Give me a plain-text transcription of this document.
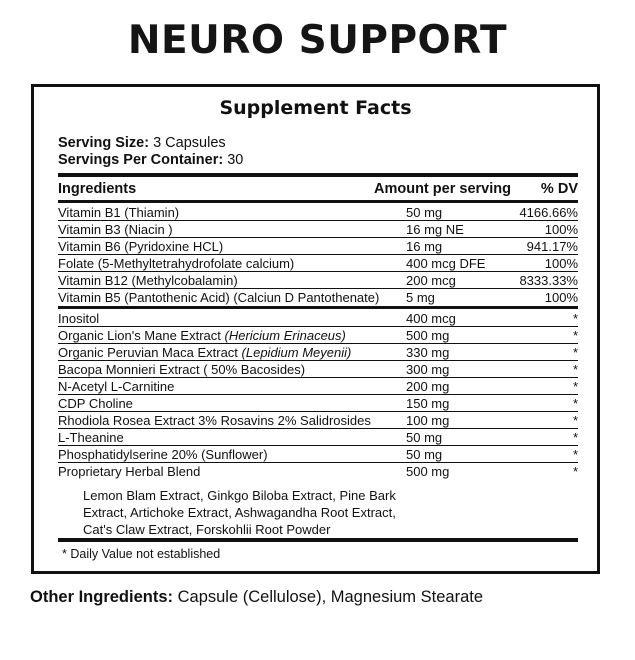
NEURO SUPPORT
Supplement Facts
Serving Size: 3 Capsules
Servings Per Container: 30
Ingredients	Amount per serving % DV
Vitamin B1 (Thiamin)	50 mg	4166.66%
Vitamin B3 (Niacin )	16 mg NE	100%
Vitamin B6 (Pyridoxine HCL)	16 mg	941.17%
Folate (5-Methyltetrahydrofolate calcium)	400 mcg DFE	100%
Vitamin B12 (Methylcobalamin)	200 mcg	8333.33%
Vitamin B5 (Pantothenic Acid) (Calciun D Pantothenate) 5 mg	100%
Inositol	400 mcg	*
Organic Lion's Mane Extract (Hericium Erinaceus)	500 mg	*
Organic Peruvian Maca Extract (Lepidium Meyenii)	330 mg	*
Bacopa Monnieri Extract ( 50% Bacosides)	300 mg	*
N-Acetyl L-Carnitine	200 mg	*
CDP Choline	150 mg	*
Rhodiola Rosea Extract 3% Rosavins 2% Salidrosides	100 mg	*
L-Theanine	50 mg	*
Phosphatidylserine 20% (Sunflower)	50 mg	*
Proprietary Herbal Blend	500 mg	*
Lemon Blam Extract, Ginkgo Biloba Extract, Pine Bark
Extract, Artichoke Extract, Ashwagandha Root Extract,
Cat's Claw Extract, Forskohlii Root Powder
* Daily Value not established
Other Ingredients: Capsule (Cellulose), Magnesium Stearate
